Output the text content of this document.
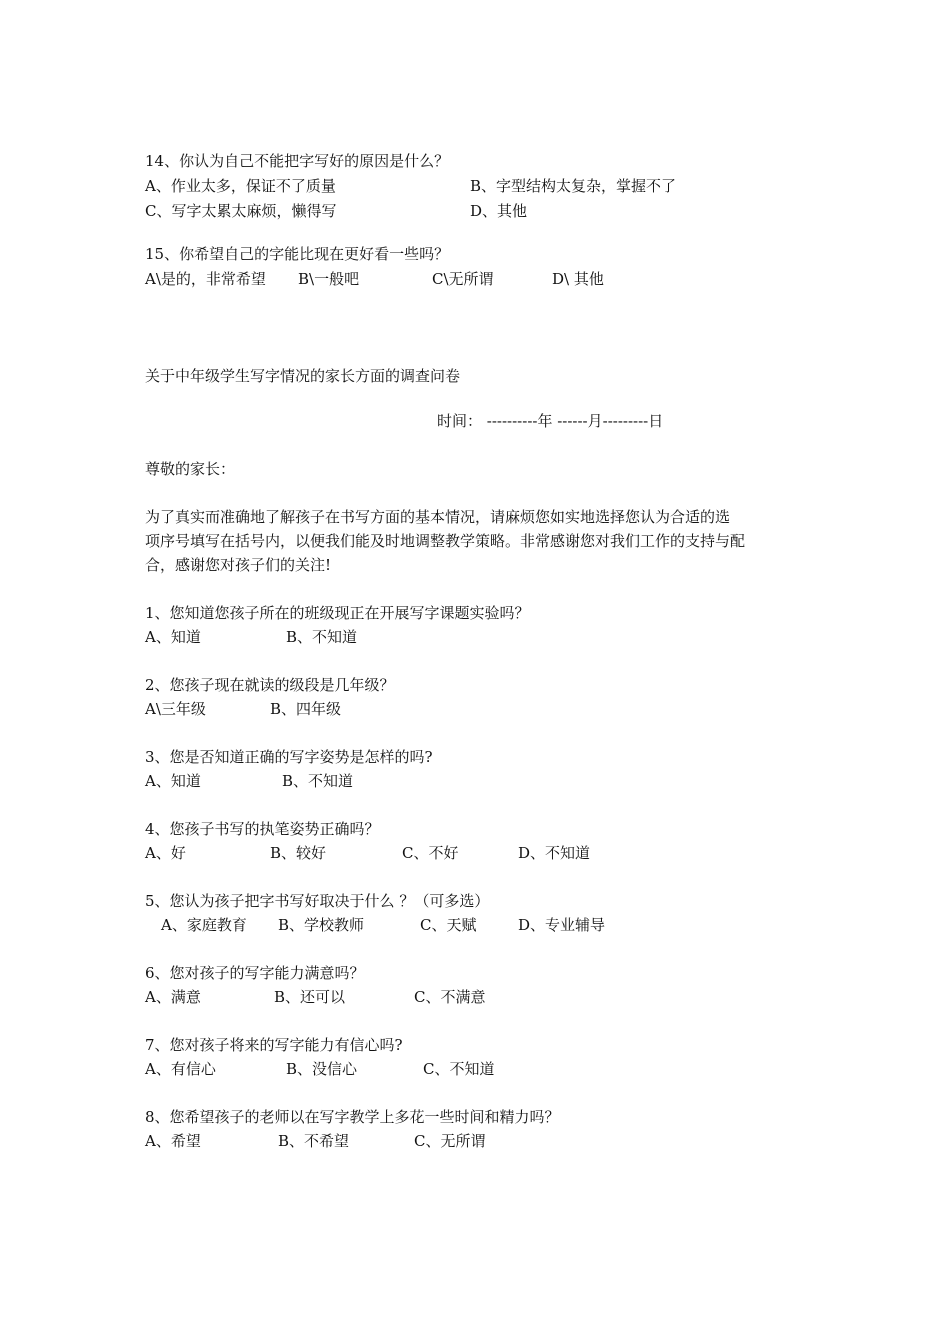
14、你认为自己不能把字写好的原因是什么？
A、作业太多，保证不了质量	B、字型结构太复杂，掌握不了
C、写字太累太麻烦，懒得写	D、其他
15、你希望自己的字能比现在更好看一些吗？
A\是的，非常希望 B\一般吧	C\无所谓	D\ 其他
关于中年级学生写字情况的家长方面的调查问卷
时间： ----------年 ------月---------日
尊敬的家长：
为了真实而准确地了解孩子在书写方面的基本情况，请麻烦您如实地选择您认为合适的选
项序号填写在括号内，以便我们能及时地调整教学策略。非常感谢您对我们工作的支持与配
合，感谢您对孩子们的关注!
1、您知道您孩子所在的班级现正在开展写字课题实验吗？
A、知道	B、不知道
2、您孩子现在就读的级段是几年级？
A\三年级	B、四年级
3、您是否知道正确的写字姿势是怎样的吗?
A、知道	B、不知道
4、您孩子书写的执笔姿势正确吗？
A、好	B、较好	C、不好	D、不知道
5、您认为孩子把字书写好取决于什么 ？（可多选）
A、家庭教育 B、学校教师	C、天赋	D、专业辅导
6、您对孩子的写字能力满意吗？
A、满意	B、还可以	C、不满意
7、您对孩子将来的写字能力有信心吗?
A、有信心	B、没信心	C、不知道
8、您希望孩子的老师以在写字教学上多花一些时间和精力吗？
A、希望	B、不希望	C、无所谓
